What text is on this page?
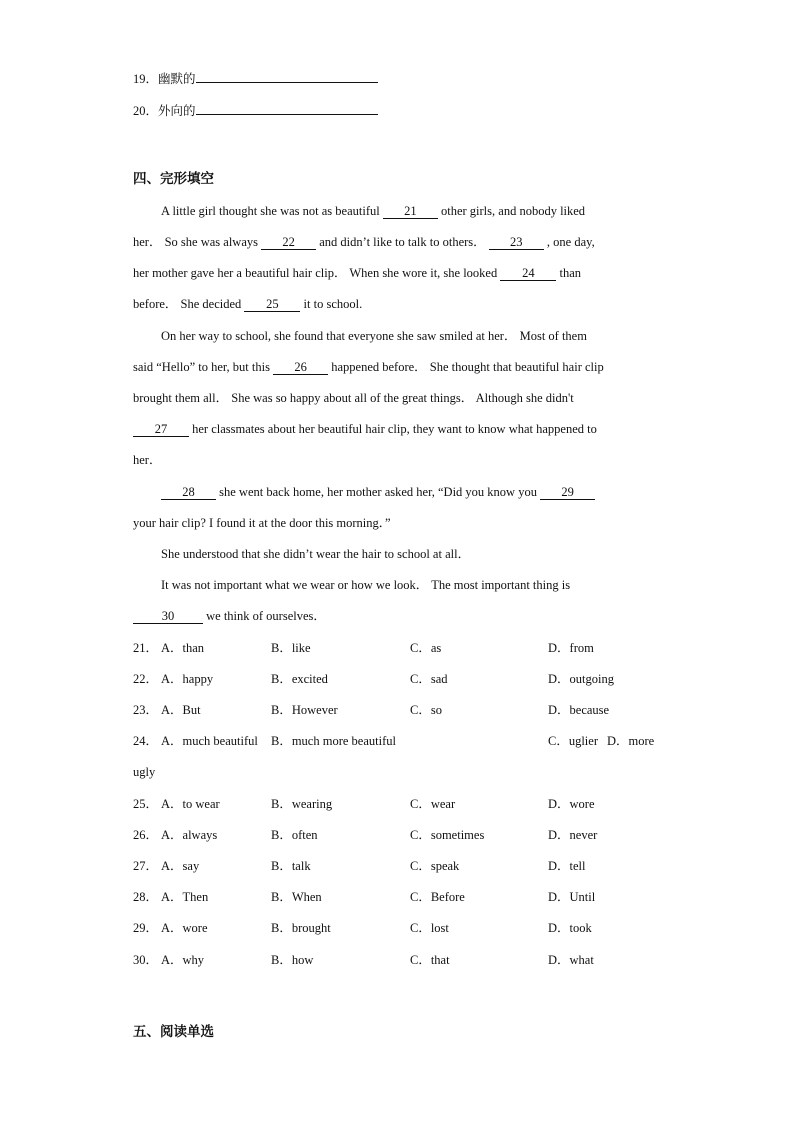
19．幽默的
20．外向的
四、完形填空
A little girl thought she was not as beautiful 21 other girls, and nobody liked
her． So she was always 22 and didn’t like to talk to others． 23 , one day,
her mother gave her a beautiful hair clip． When she wore it, she looked 24 than
before． She decided 25 it to school.
On her way to school, she found that everyone she saw smiled at her． Most of them
said “Hello” to her, but this 26 happened before． She thought that beautiful hair clip
brought them all． She was so happy about all of the great things． Although she didn't
27 her classmates about her beautiful hair clip, they want to know what happened to
her．
28 she went back home, her mother asked her, “Did you know you 29
your hair clip? I found it at the door this morning．”
She understood that she didn’t wear the hair to school at all．
It was not important what we wear or how we look． The most important thing is
30 we think of ourselves．
21． A．than	B．like	C．as	D．from
22． A．happy	B．excited	C．sad	D．outgoing
23． A．But	B．However	C．so	D．because
24． A．much beautiful B．much more beautiful	C．uglier D．more
ugly
25． A．to wear	B．wearing	C．wear	D．wore
26． A．always	B．often	C．sometimes	D．never
27． A．say	B．talk	C．speak	D．tell
28． A．Then	B．When	C．Before	D．Until
29． A．wore	B．brought	C．lost	D．took
30． A．why	B．how	C．that	D．what
五、阅读单选
